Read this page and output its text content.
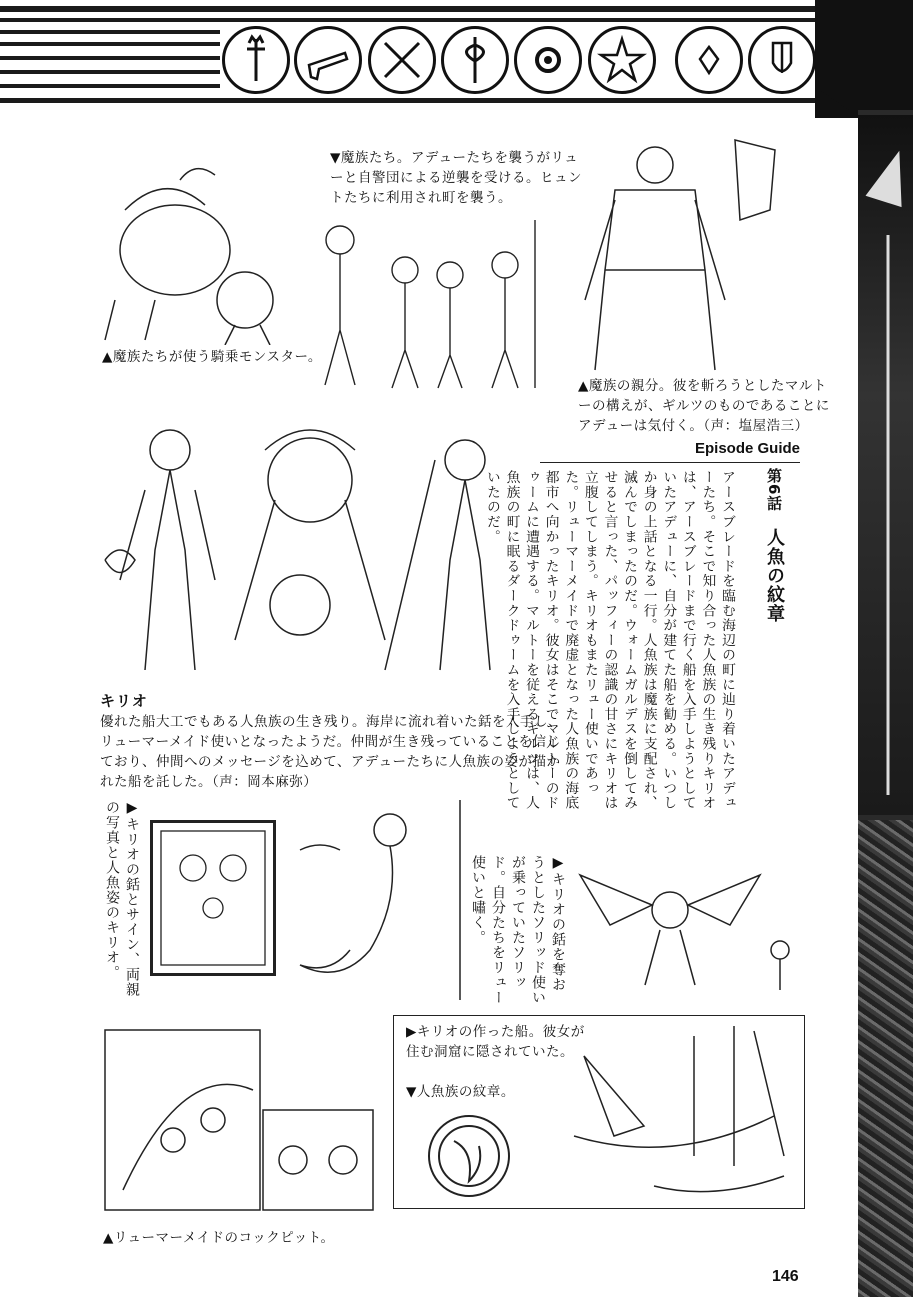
▲魔族たちが使う騎乗モンスター。
▼魔族たち。アデューたちを襲うがリュ
ーと自警団による逆襲を受ける。ヒュン
トたちに利用され町を襲う。
▲魔族の親分。彼を斬ろうとしたマルト
ーの構えが、ギルツのものであることに
アデューは気付く。（声：塩屋浩三）
キリオ
優れた船大工でもある人魚族の生き残り。海岸に流れ着いた銛を入手し、
リューマーメイド使いとなったようだ。仲間が生き残っていることを信じ
ており、仲間へのメッセージを込めて、アデューたちに人魚族の姿が描か
れた船を託した。（声：岡本麻弥）
Episode Guide
第6話
人魚の紋章
アースブレードを臨む海辺の町に辿り着いたアデューたち。そこで知り合った人魚族の生き残りキリオは、アースブレードまで行く船を入手しようとしていたアデューに、自分が建てた船を勧める。いつしか身の上話となる一行。人魚族は魔族に支配され、滅んでしまったのだ。ウォームガルデスを倒してみせると言った、パッフィーの認識の甘さにキリオは立腹してしまう。キリオもまたリュー使いであった。リューマーメイドで廃虚となった人魚族の海底都市へ向かったキリオ。彼女はそこでマルトーのドゥームに遭遇する。マルトーを従えるギルツは、人魚族の町に眠るダークドゥームを入手しようとしていたのだ。
▶キリオの銛とサイン、両親の写真と人魚姿のキリオ。	▶キリオの銛を奪おうとしたソリッド使いが乗っていたソリッド。自分たちをリュー使いと嘯く。
▲リューマーメイドのコックピット。
▶キリオの作った船。彼女が
住む洞窟に隠されていた。
▼人魚族の紋章。
146
